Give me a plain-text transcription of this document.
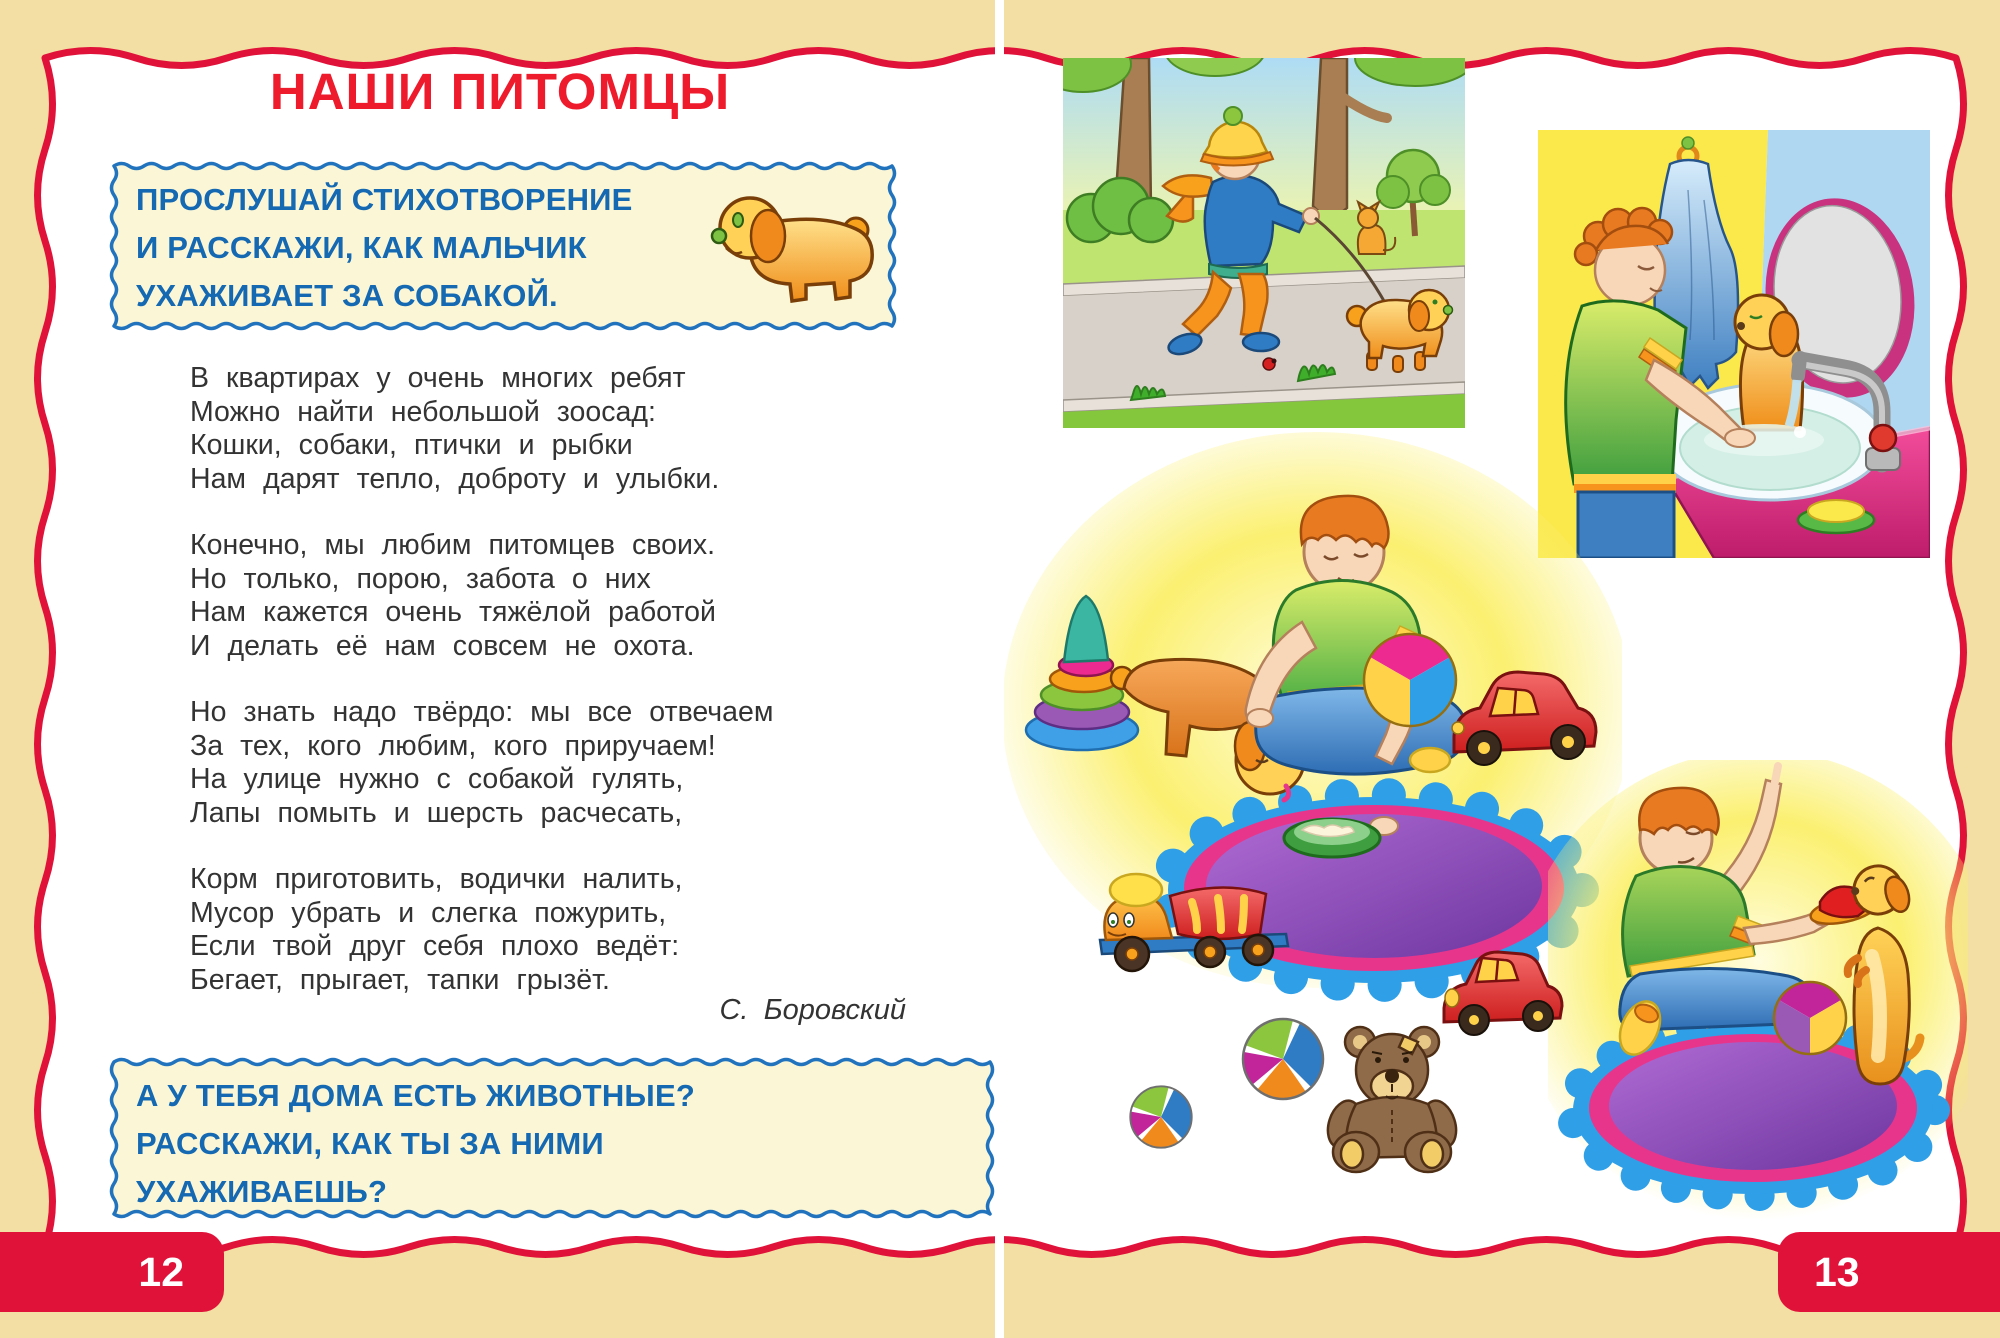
НАШИ ПИТОМЦЫ
ПРОСЛУШАЙ СТИХОТВОРЕНИЕ
И РАССКАЖИ, КАК МАЛЬЧИК
УХАЖИВАЕТ ЗА СОБАКОЙ.
В квартирах у очень многих ребят
Можно найти небольшой зоосад:
Кошки, собаки, птички и рыбки
Нам дарят тепло, доброту и улыбки.
Конечно, мы любим питомцев своих.
Но только, порою, забота о них
Нам кажется очень тяжёлой работой
И делать её нам совсем не охота.
Но знать надо твёрдо: мы все отвечаем
За тех, кого любим, кого приручаем!
На улице нужно с собакой гулять,
Лапы помыть и шерсть расчесать,
Корм приготовить, водички налить,
Мусор убрать и слегка пожурить,
Если твой друг себя плохо ведёт:
Бегает, прыгает, тапки грызёт.
С. Боровский
А У ТЕБЯ ДОМА ЕСТЬ ЖИВОТНЫЕ?
РАССКАЖИ, КАК ТЫ ЗА НИМИ
УХАЖИВАЕШЬ?
12	13
